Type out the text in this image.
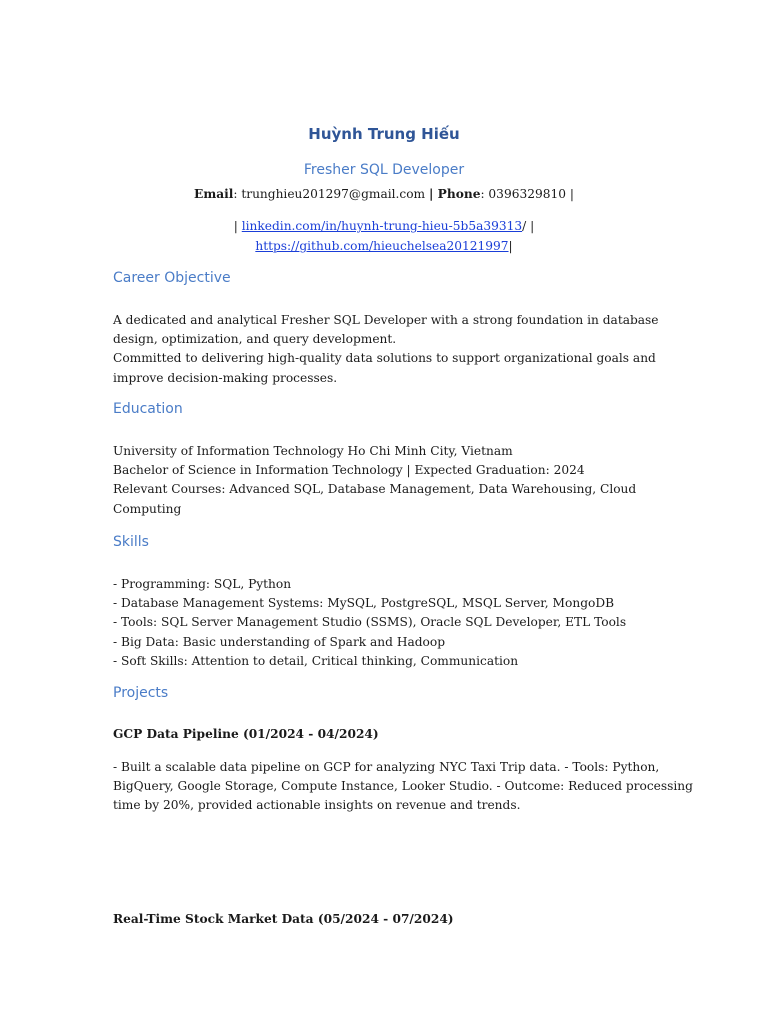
Huỳnh Trung Hiếu
Fresher SQL Developer
Email: trunghieu201297@gmail.com | Phone: 0396329810 |
| linkedin.com/in/huynh-trung-hieu-5b5a39313/ |
https://github.com/hieuchelsea20121997|
Career Objective
A dedicated and analytical Fresher SQL Developer with a strong foundation in database
design, optimization, and query development.
Committed to delivering high-quality data solutions to support organizational goals and
improve decision-making processes.
Education
University of Information Technology Ho Chi Minh City, Vietnam
Bachelor of Science in Information Technology | Expected Graduation: 2024
Relevant Courses: Advanced SQL, Database Management, Data Warehousing, Cloud
Computing
Skills
- Programming: SQL, Python
- Database Management Systems: MySQL, PostgreSQL, MSQL Server, MongoDB
- Tools: SQL Server Management Studio (SSMS), Oracle SQL Developer, ETL Tools
- Big Data: Basic understanding of Spark and Hadoop
- Soft Skills: Attention to detail, Critical thinking, Communication
Projects
GCP Data Pipeline (01/2024 - 04/2024)
- Built a scalable data pipeline on GCP for analyzing NYC Taxi Trip data. - Tools: Python,
BigQuery, Google Storage, Compute Instance, Looker Studio. - Outcome: Reduced processing
time by 20%, provided actionable insights on revenue and trends.
Real-Time Stock Market Data (05/2024 - 07/2024)
